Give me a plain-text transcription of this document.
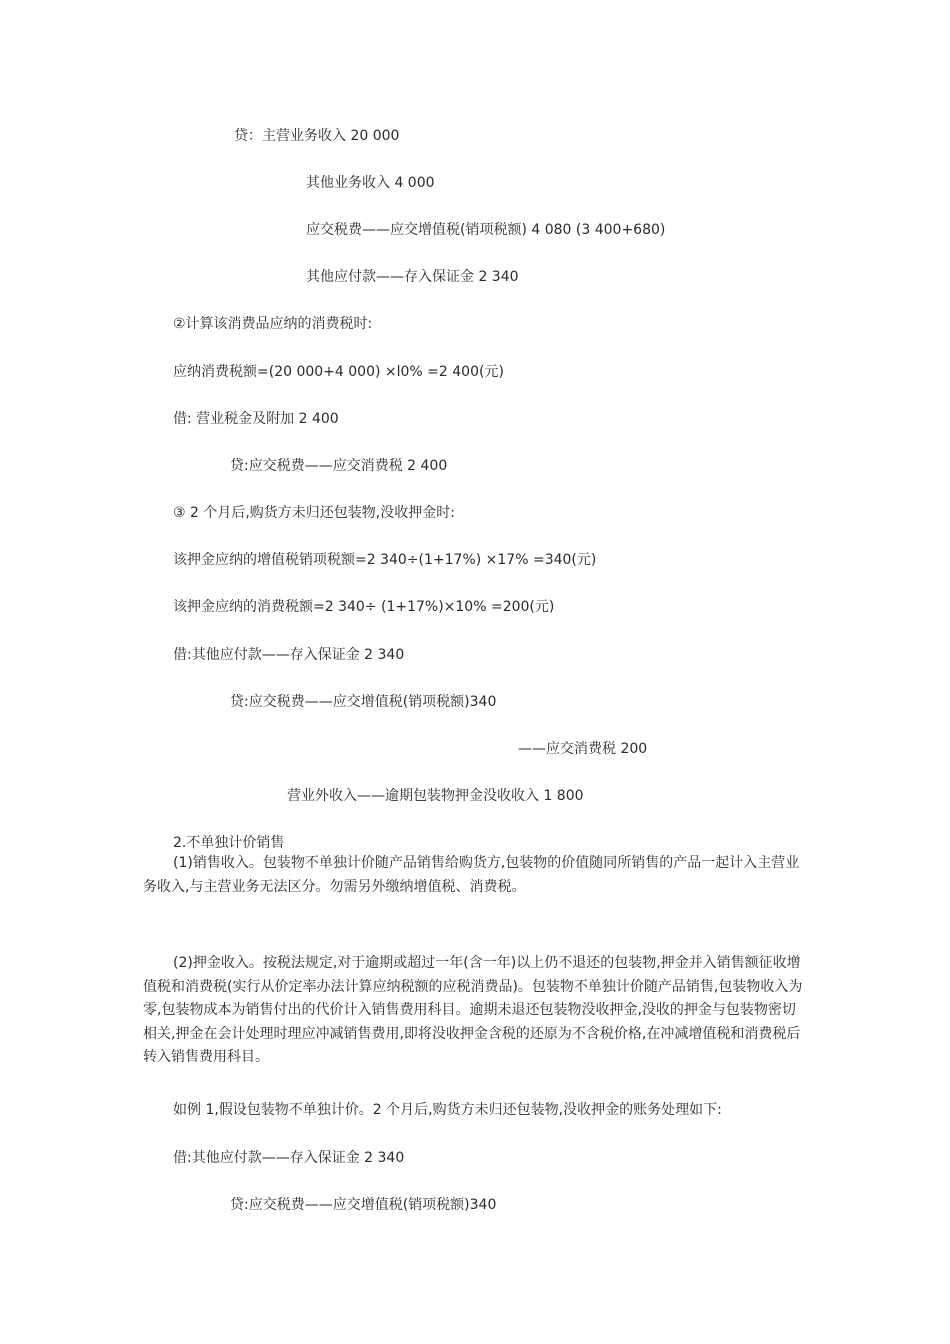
贷：主营业务收入 20 000
其他业务收入 4 000
应交税费——应交增值税(销项税额) 4 080 (3 400+680)
其他应付款——存入保证金 2 340
②计算该消费品应纳的消费税时:
应纳消费税额=(20 000+4 000) ×l0% =2 400(元)
借: 营业税金及附加 2 400
贷:应交税费——应交消费税 2 400
③ 2 个月后,购货方未归还包装物,没收押金时:
该押金应纳的增值税销项税额=2 340÷(1+17%) ×17% =340(元)
该押金应纳的消费税额=2 340÷ (1+17%)×10% =200(元)
借:其他应付款——存入保证金 2 340
贷:应交税费——应交增值税(销项税额)340
——应交消费税 200
营业外收入——逾期包装物押金没收收入 1 800
2.不单独计价销售
(1)销售收入。包装物不单独计价随产品销售给购货方,包装物的价值随同所销售的产品一起计入主营业务收入,与主营业务无法区分。勿需另外缴纳增值税、消费税。
(2)押金收入。按税法规定,对于逾期或超过一年(含一年)以上仍不退还的包装物,押金并入销售额征收增值税和消费税(实行从价定率办法计算应纳税额的应税消费品)。包装物不单独计价随产品销售,包装物收入为零,包装物成本为销售付出的代价计入销售费用科目。逾期未退还包装物没收押金,没收的押金与包装物密切相关,押金在会计处理时理应冲减销售费用,即将没收押金含税的还原为不含税价格,在冲减增值税和消费税后转入销售费用科目。
如例 1,假设包装物不单独计价。2 个月后,购货方未归还包装物,没收押金的账务处理如下:
借:其他应付款——存入保证金 2 340
贷:应交税费——应交增值税(销项税额)340
